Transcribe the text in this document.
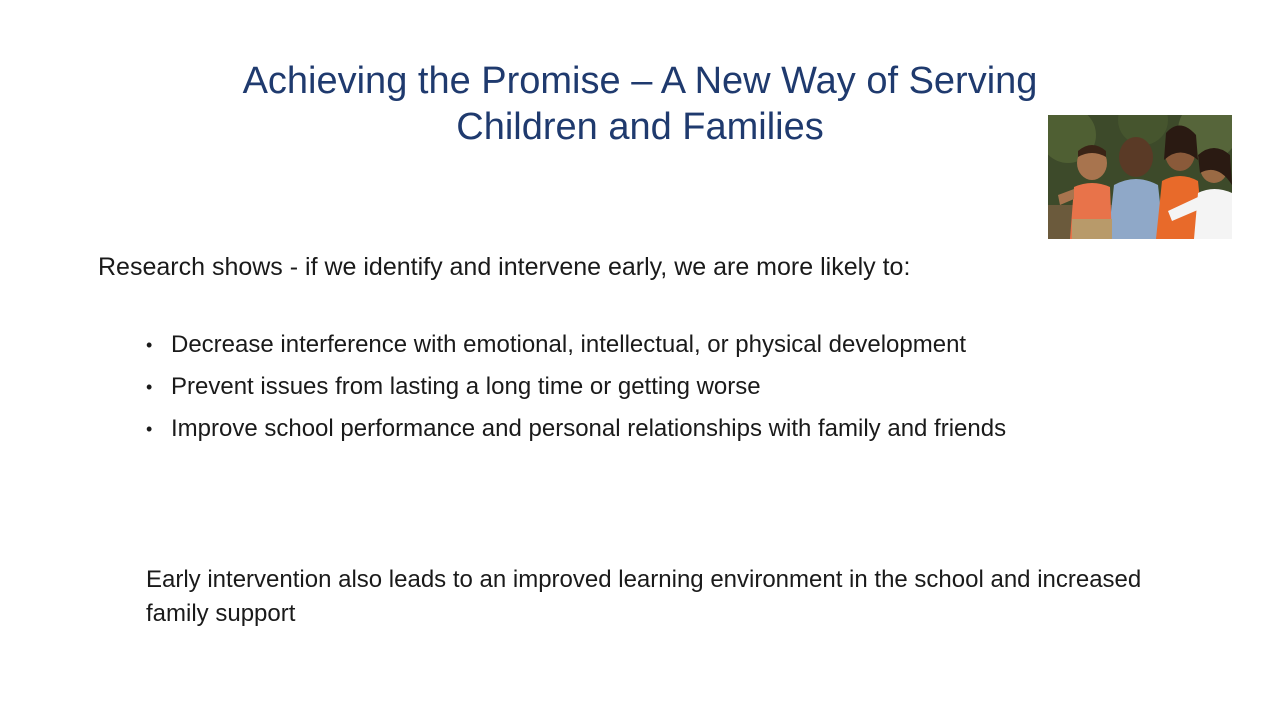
Achieving the Promise – A New Way of Serving
Children and Families
Research shows - if we identify and intervene early, we are more likely to:
• Decrease interference with emotional, intellectual, or physical development
• Prevent issues from lasting a long time or getting worse
• Improve school performance and personal relationships with family and friends
Early intervention also leads to an improved learning environment in the school and increased family support
